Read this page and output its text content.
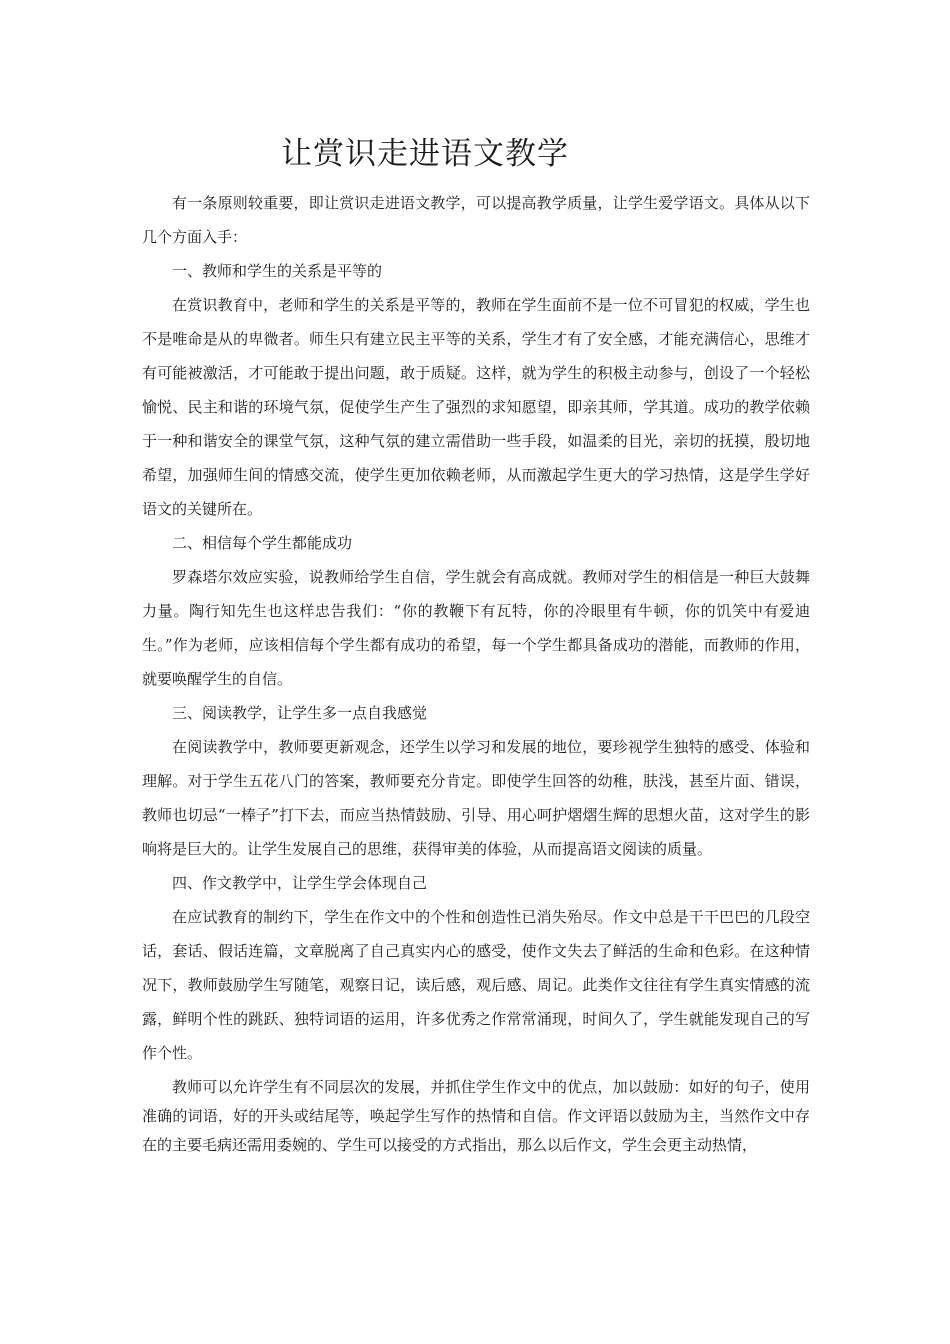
让赏识走进语文教学

有一条原则较重要，即让赏识走进语文教学，可以提高教学质量，让学生爱学语文。具体从以下几个方面入手：

一、教师和学生的关系是平等的

在赏识教育中，老师和学生的关系是平等的，教师在学生面前不是一位不可冒犯的权威，学生也不是唯命是从的卑微者。师生只有建立民主平等的关系，学生才有了安全感，才能充满信心，思维才有可能被激活，才可能敢于提出问题，敢于质疑。这样，就为学生的积极主动参与，创设了一个轻松愉悦、民主和谐的环境气氛，促使学生产生了强烈的求知愿望，即亲其师，学其道。成功的教学依赖于一种和谐安全的课堂气氛，这种气氛的建立需借助一些手段，如温柔的目光，亲切的抚摸，殷切地希望，加强师生间的情感交流，使学生更加依赖老师，从而激起学生更大的学习热情，这是学生学好语文的关键所在。

二、相信每个学生都能成功

罗森塔尔效应实验，说教师给学生自信，学生就会有高成就。教师对学生的相信是一种巨大鼓舞力量。陶行知先生也这样忠告我们：“你的教鞭下有瓦特，你的冷眼里有牛顿，你的饥笑中有爱迪生。”作为老师，应该相信每个学生都有成功的希望，每一个学生都具备成功的潜能，而教师的作用，就要唤醒学生的自信。

三、阅读教学，让学生多一点自我感觉

在阅读教学中，教师要更新观念，还学生以学习和发展的地位，要珍视学生独特的感受、体验和理解。对于学生五花八门的答案，教师要充分肯定。即使学生回答的幼稚，肤浅，甚至片面、错误，教师也切忌“一棒子”打下去，而应当热情鼓励、引导、用心呵护熠熠生辉的思想火苗，这对学生的影响将是巨大的。让学生发展自己的思维，获得审美的体验，从而提高语文阅读的质量。

四、作文教学中，让学生学会体现自己

在应试教育的制约下，学生在作文中的个性和创造性已消失殆尽。作文中总是干干巴巴的几段空话，套话、假话连篇，文章脱离了自己真实内心的感受，使作文失去了鲜活的生命和色彩。在这种情况下，教师鼓励学生写随笔，观察日记，读后感，观后感、周记。此类作文往往有学生真实情感的流露，鲜明个性的跳跃、独特词语的运用，许多优秀之作常常涌现，时间久了，学生就能发现自己的写作个性。

教师可以允许学生有不同层次的发展，并抓住学生作文中的优点，加以鼓励：如好的句子，使用准确的词语，好的开头或结尾等，唤起学生写作的热情和自信。作文评语以鼓励为主，当然作文中存在的主要毛病还需用委婉的、学生可以接受的方式指出，那么以后作文，学生会更主动热情，
